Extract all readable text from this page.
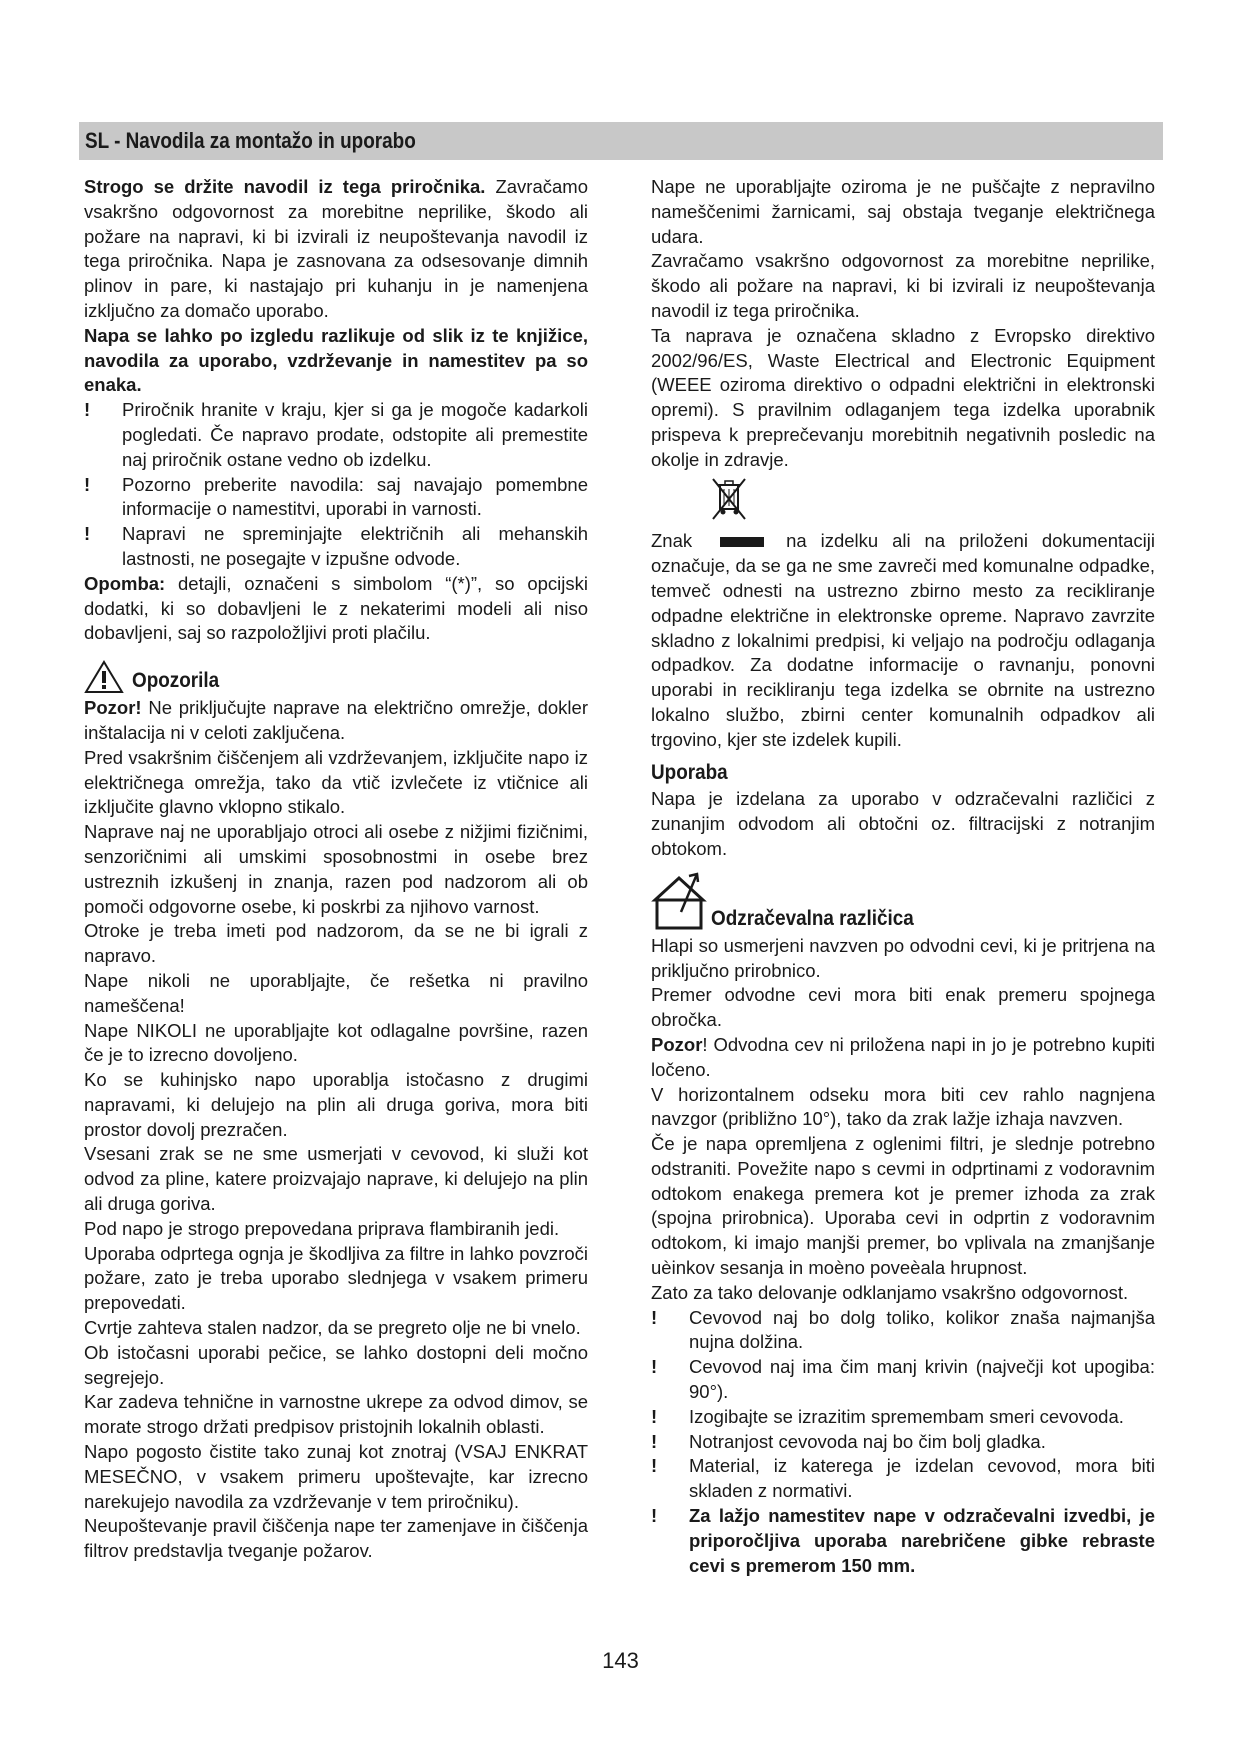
SL - Navodila za montažo in uporabo

Strogo se držite navodil iz tega priročnika. Zavračamo vsakršno odgovornost za morebitne neprilike, škodo ali požare na napravi, ki bi izvirali iz neupoštevanja navodil iz tega priročnika. Napa je zasnovana za odsesovanje dimnih plinov in pare, ki nastajajo pri kuhanju in je namenjena izključno za domačo uporabo.

Napa se lahko po izgledu razlikuje od slik iz te knjižice, navodila za uporabo, vzdrževanje in namestitev pa so enaka.

! Priročnik hranite v kraju, kjer si ga je mogoče kadarkoli pogledati. Če napravo prodate, odstopite ali premestite naj priročnik ostane vedno ob izdelku.

! Pozorno preberite navodila: saj navajajo pomembne informacije o namestitvi, uporabi in varnosti.

! Napravi ne spreminjajte električnih ali mehanskih lastnosti, ne posegajte v izpušne odvode.

Opomba: detajli, označeni s simbolom “(*)”, so opcijski dodatki, ki so dobavljeni le z nekaterimi modeli ali niso dobavljeni, saj so razpoložljivi proti plačilu.

Opozorila

Pozor! Ne priključujte naprave na električno omrežje, dokler inštalacija ni v celoti zaključena.

Pred vsakršnim čiščenjem ali vzdrževanjem, izključite napo iz električnega omrežja, tako da vtič izvlečete iz vtičnice ali izključite glavno vklopno stikalo.

Naprave naj ne uporabljajo otroci ali osebe z nižjimi fizičnimi, senzoričnimi ali umskimi sposobnostmi in osebe brez ustreznih izkušenj in znanja, razen pod nadzorom ali ob pomoči odgovorne osebe, ki poskrbi za njihovo varnost.

Otroke je treba imeti pod nadzorom, da se ne bi igrali z napravo.

Nape nikoli ne uporabljajte, če rešetka ni pravilno nameščena!

Nape NIKOLI ne uporabljajte kot odlagalne površine, razen če je to izrecno dovoljeno.

Ko se kuhinjsko napo uporablja istočasno z drugimi napravami, ki delujejo na plin ali druga goriva, mora biti prostor dovolj prezračen.

Vsesani zrak se ne sme usmerjati v cevovod, ki služi kot odvod za pline, katere proizvajajo naprave, ki delujejo na plin ali druga goriva.

Pod napo je strogo prepovedana priprava flambiranih jedi.

Uporaba odprtega ognja je škodljiva za filtre in lahko povzroči požare, zato je treba uporabo slednjega v vsakem primeru prepovedati.

Cvrtje zahteva stalen nadzor, da se pregreto olje ne bi vnelo.

Ob istočasni uporabi pečice, se lahko dostopni deli močno segrejejo.

Kar zadeva tehnične in varnostne ukrepe za odvod dimov, se morate strogo držati predpisov pristojnih lokalnih oblasti.

Napo pogosto čistite tako zunaj kot znotraj (VSAJ ENKRAT MESEČNO, v vsakem primeru upoštevajte, kar izrecno narekujejo navodila za vzdrževanje v tem priročniku).

Neupoštevanje pravil čiščenja nape ter zamenjave in čiščenja filtrov predstavlja tveganje požarov.

Nape ne uporabljajte oziroma je ne puščajte z nepravilno nameščenimi žarnicami, saj obstaja tveganje električnega udara.

Zavračamo vsakršno odgovornost za morebitne neprilike, škodo ali požare na napravi, ki bi izvirali iz neupoštevanja navodil iz tega priročnika.

Ta naprava je označena skladno z Evropsko direktivo 2002/96/ES, Waste Electrical and Electronic Equipment (WEEE oziroma direktivo o odpadni električni in elektronski opremi). S pravilnim odlaganjem tega izdelka uporabnik prispeva k preprečevanju morebitnih negativnih posledic na okolje in zdravje.

Znak	na izdelku ali na priloženi dokumentaciji označuje, da se ga ne sme zavreči med komunalne odpadke, temveč odnesti na ustrezno zbirno mesto za recikliranje odpadne električne in elektronske opreme. Napravo zavrzite skladno z lokalnimi predpisi, ki veljajo na področju odlaganja odpadkov. Za dodatne informacije o ravnanju, ponovni uporabi in recikliranju tega izdelka se obrnite na ustrezno lokalno službo, zbirni center komunalnih odpadkov ali trgovino, kjer ste izdelek kupili.

Uporaba

Napa je izdelana za uporabo v odzračevalni različici z zunanjim odvodom ali obtočni oz. filtracijski z notranjim obtokom.

Odzračevalna različica

Hlapi so usmerjeni navzven po odvodni cevi, ki je pritrjena na priključno prirobnico.

Premer odvodne cevi mora biti enak premeru spojnega obročka.

Pozor! Odvodna cev ni priložena napi in jo je potrebno kupiti ločeno.

V horizontalnem odseku mora biti cev rahlo nagnjena navzgor (približno 10°), tako da zrak lažje izhaja navzven.

Če je napa opremljena z oglenimi filtri, je slednje potrebno odstraniti. Povežite napo s cevmi in odprtinami z vodoravnim odtokom enakega premera kot je premer izhoda za zrak (spojna prirobnica). Uporaba cevi in odprtin z vodoravnim odtokom, ki imajo manjši premer, bo vplivala na zmanjšanje uèinkov sesanja in moèno poveèala hrupnost.

Zato za tako delovanje odklanjamo vsakršno odgovornost.

! Cevovod naj bo dolg toliko, kolikor znaša najmanjša nujna dolžina.

! Cevovod naj ima čim manj krivin (največji kot upogiba: 90°).

! Izogibajte se izrazitim spremembam smeri cevovoda.

! Notranjost cevovoda naj bo čim bolj gladka.

! Material, iz katerega je izdelan cevovod, mora biti skladen z normativi.

! Za lažjo namestitev nape v odzračevalni izvedbi, je priporočljiva uporaba narebričene gibke rebraste cevi s premerom 150 mm.

143
